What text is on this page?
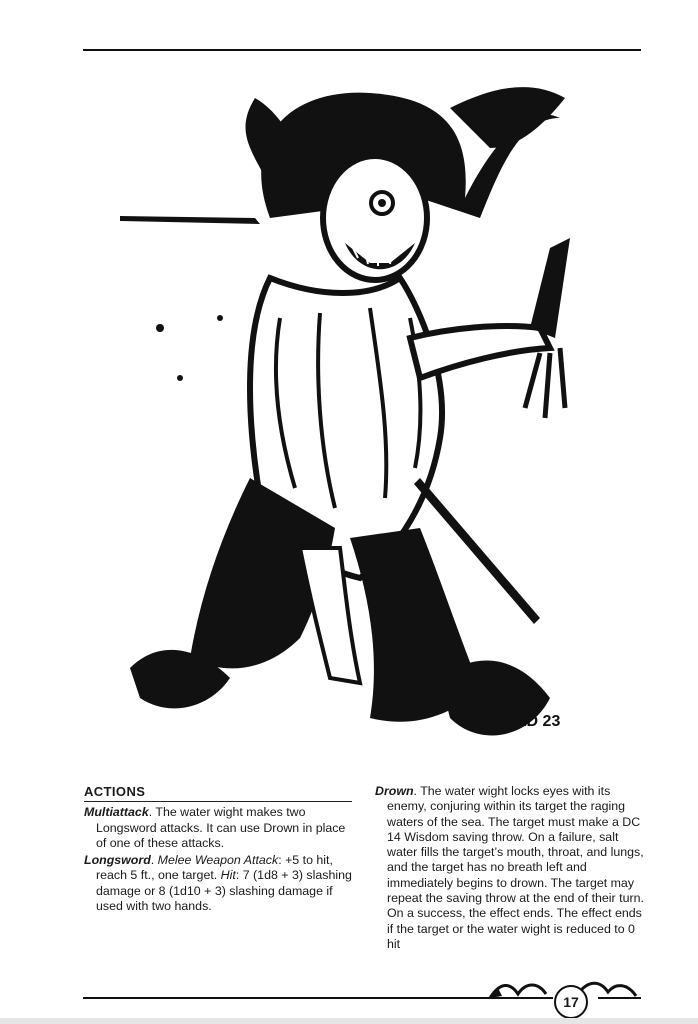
KD 23
ACTIONS

Multiattack. The water wight makes two Longsword attacks. It can use Drown in place of one of these attacks.

Longsword. Melee Weapon Attack: +5 to hit, reach 5 ft., one target. Hit: 7 (1d8 + 3) slashing damage or 8 (1d10 + 3) slashing damage if used with two hands.

Drown. The water wight locks eyes with its enemy, conjuring within its target the raging waters of the sea. The target must make a DC 14 Wisdom saving throw. On a failure, salt water fills the target’s mouth, throat, and lungs, and the target has no breath left and immediately begins to drown. The target may repeat the saving throw at the end of their turn. On a success, the effect ends. The effect ends if the target or the water wight is reduced to 0 hit

17
